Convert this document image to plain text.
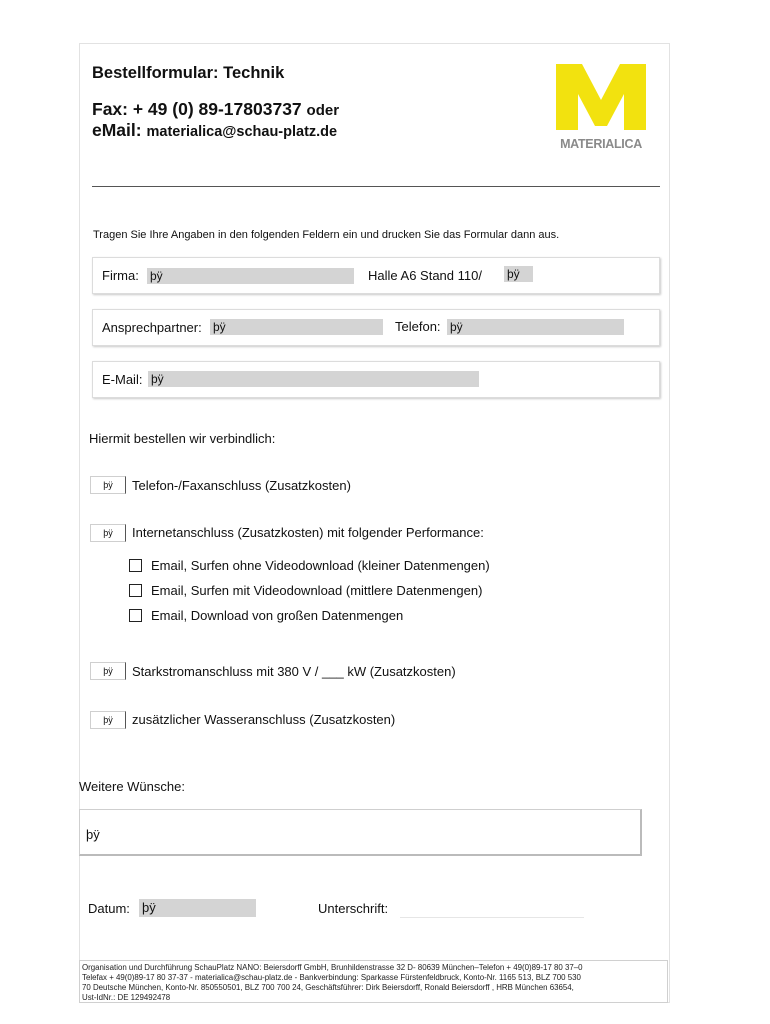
Bestellformular: Technik
Fax: + 49 (0) 89-17803737 oder
eMail: materialica@schau-platz.de
MATERIALICA
Tragen Sie Ihre Angaben in den folgenden Feldern ein und drucken Sie das Formular dann aus.
Firma: þÿ	Halle A6 Stand 110/ þÿ
Ansprechpartner: þÿ	Telefon: þÿ
E-Mail: þÿ
Hiermit bestellen wir verbindlich:
þÿ	Telefon-/Faxanschluss (Zusatzkosten)
þÿ	Internetanschluss (Zusatzkosten) mit folgender Performance:
Email, Surfen ohne Videodownload (kleiner Datenmengen)
Email, Surfen mit Videodownload (mittlere Datenmengen)
Email, Download von großen Datenmengen
þÿ	Starkstromanschluss mit 380 V / ___ kW (Zusatzkosten)
þÿ	zusätzlicher Wasseranschluss (Zusatzkosten)
Weitere Wünsche:
þÿ
Datum: þÿ	Unterschrift:
Organisation und Durchführung SchauPlatz NANO: Beiersdorff GmbH, Brunhildenstrasse 32 D- 80639 München–Telefon + 49(0)89-17 80 37–0
Telefax + 49(0)89-17 80 37-37 - materialica@schau-platz.de - Bankverbindung: Sparkasse Fürstenfeldbruck, Konto-Nr. 1165 513, BLZ 700 530
70 Deutsche München, Konto-Nr. 850550501, BLZ 700 700 24, Geschäftsführer: Dirk Beiersdorff, Ronald Beiersdorff , HRB München 63654,
Ust-IdNr.: DE 129492478
